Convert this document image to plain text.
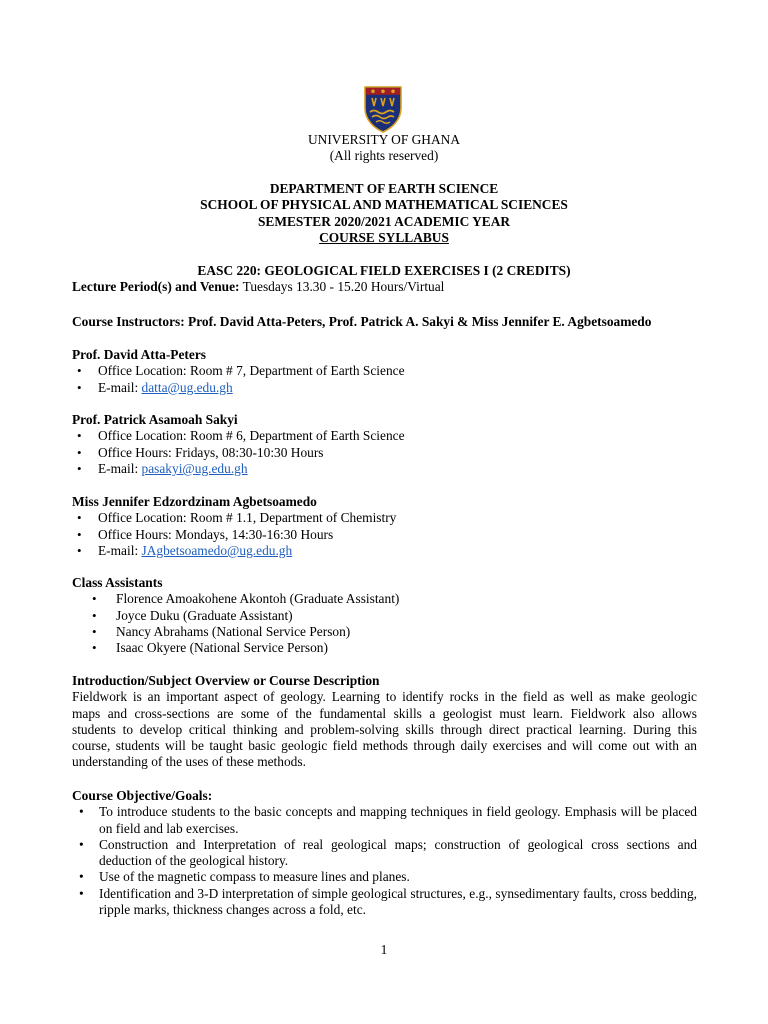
UNIVERSITY OF GHANA
(All rights reserved)
DEPARTMENT OF EARTH SCIENCE
SCHOOL OF PHYSICAL AND MATHEMATICAL SCIENCES
SEMESTER 2020/2021 ACADEMIC YEAR
COURSE SYLLABUS
EASC 220: GEOLOGICAL FIELD EXERCISES I (2 CREDITS)
Lecture Period(s) and Venue: Tuesdays 13.30 - 15.20 Hours/Virtual
Course Instructors: Prof. David Atta-Peters, Prof. Patrick A. Sakyi & Miss Jennifer E. Agbetsoamedo
Prof. David Atta-Peters
• Office Location: Room # 7, Department of Earth Science
• E-mail: datta@ug.edu.gh
Prof. Patrick Asamoah Sakyi
• Office Location: Room # 6, Department of Earth Science
• Office Hours: Fridays, 08:30-10:30 Hours
• E-mail: pasakyi@ug.edu.gh
Miss Jennifer Edzordzinam Agbetsoamedo
• Office Location: Room # 1.1, Department of Chemistry
• Office Hours: Mondays, 14:30-16:30 Hours
• E-mail: JAgbetsoamedo@ug.edu.gh
Class Assistants
• Florence Amoakohene Akontoh (Graduate Assistant)
• Joyce Duku (Graduate Assistant)
• Nancy Abrahams (National Service Person)
• Isaac Okyere (National Service Person)
Introduction/Subject Overview or Course Description
Fieldwork is an important aspect of geology. Learning to identify rocks in the field as well as make geologic
maps and cross-sections are some of the fundamental skills a geologist must learn. Fieldwork also allows
students to develop critical thinking and problem-solving skills through direct practical learning. During this
course, students will be taught basic geologic field methods through daily exercises and will come out with an
understanding of the uses of these methods.
Course Objective/Goals:
• To introduce students to the basic concepts and mapping techniques in field geology. Emphasis will be placed on field and lab exercises.
• Construction and Interpretation of real geological maps; construction of geological cross sections and deduction of the geological history.
• Use of the magnetic compass to measure lines and planes.
• Identification and 3-D interpretation of simple geological structures, e.g., synsedimentary faults, cross bedding, ripple marks, thickness changes across a fold, etc.
1
